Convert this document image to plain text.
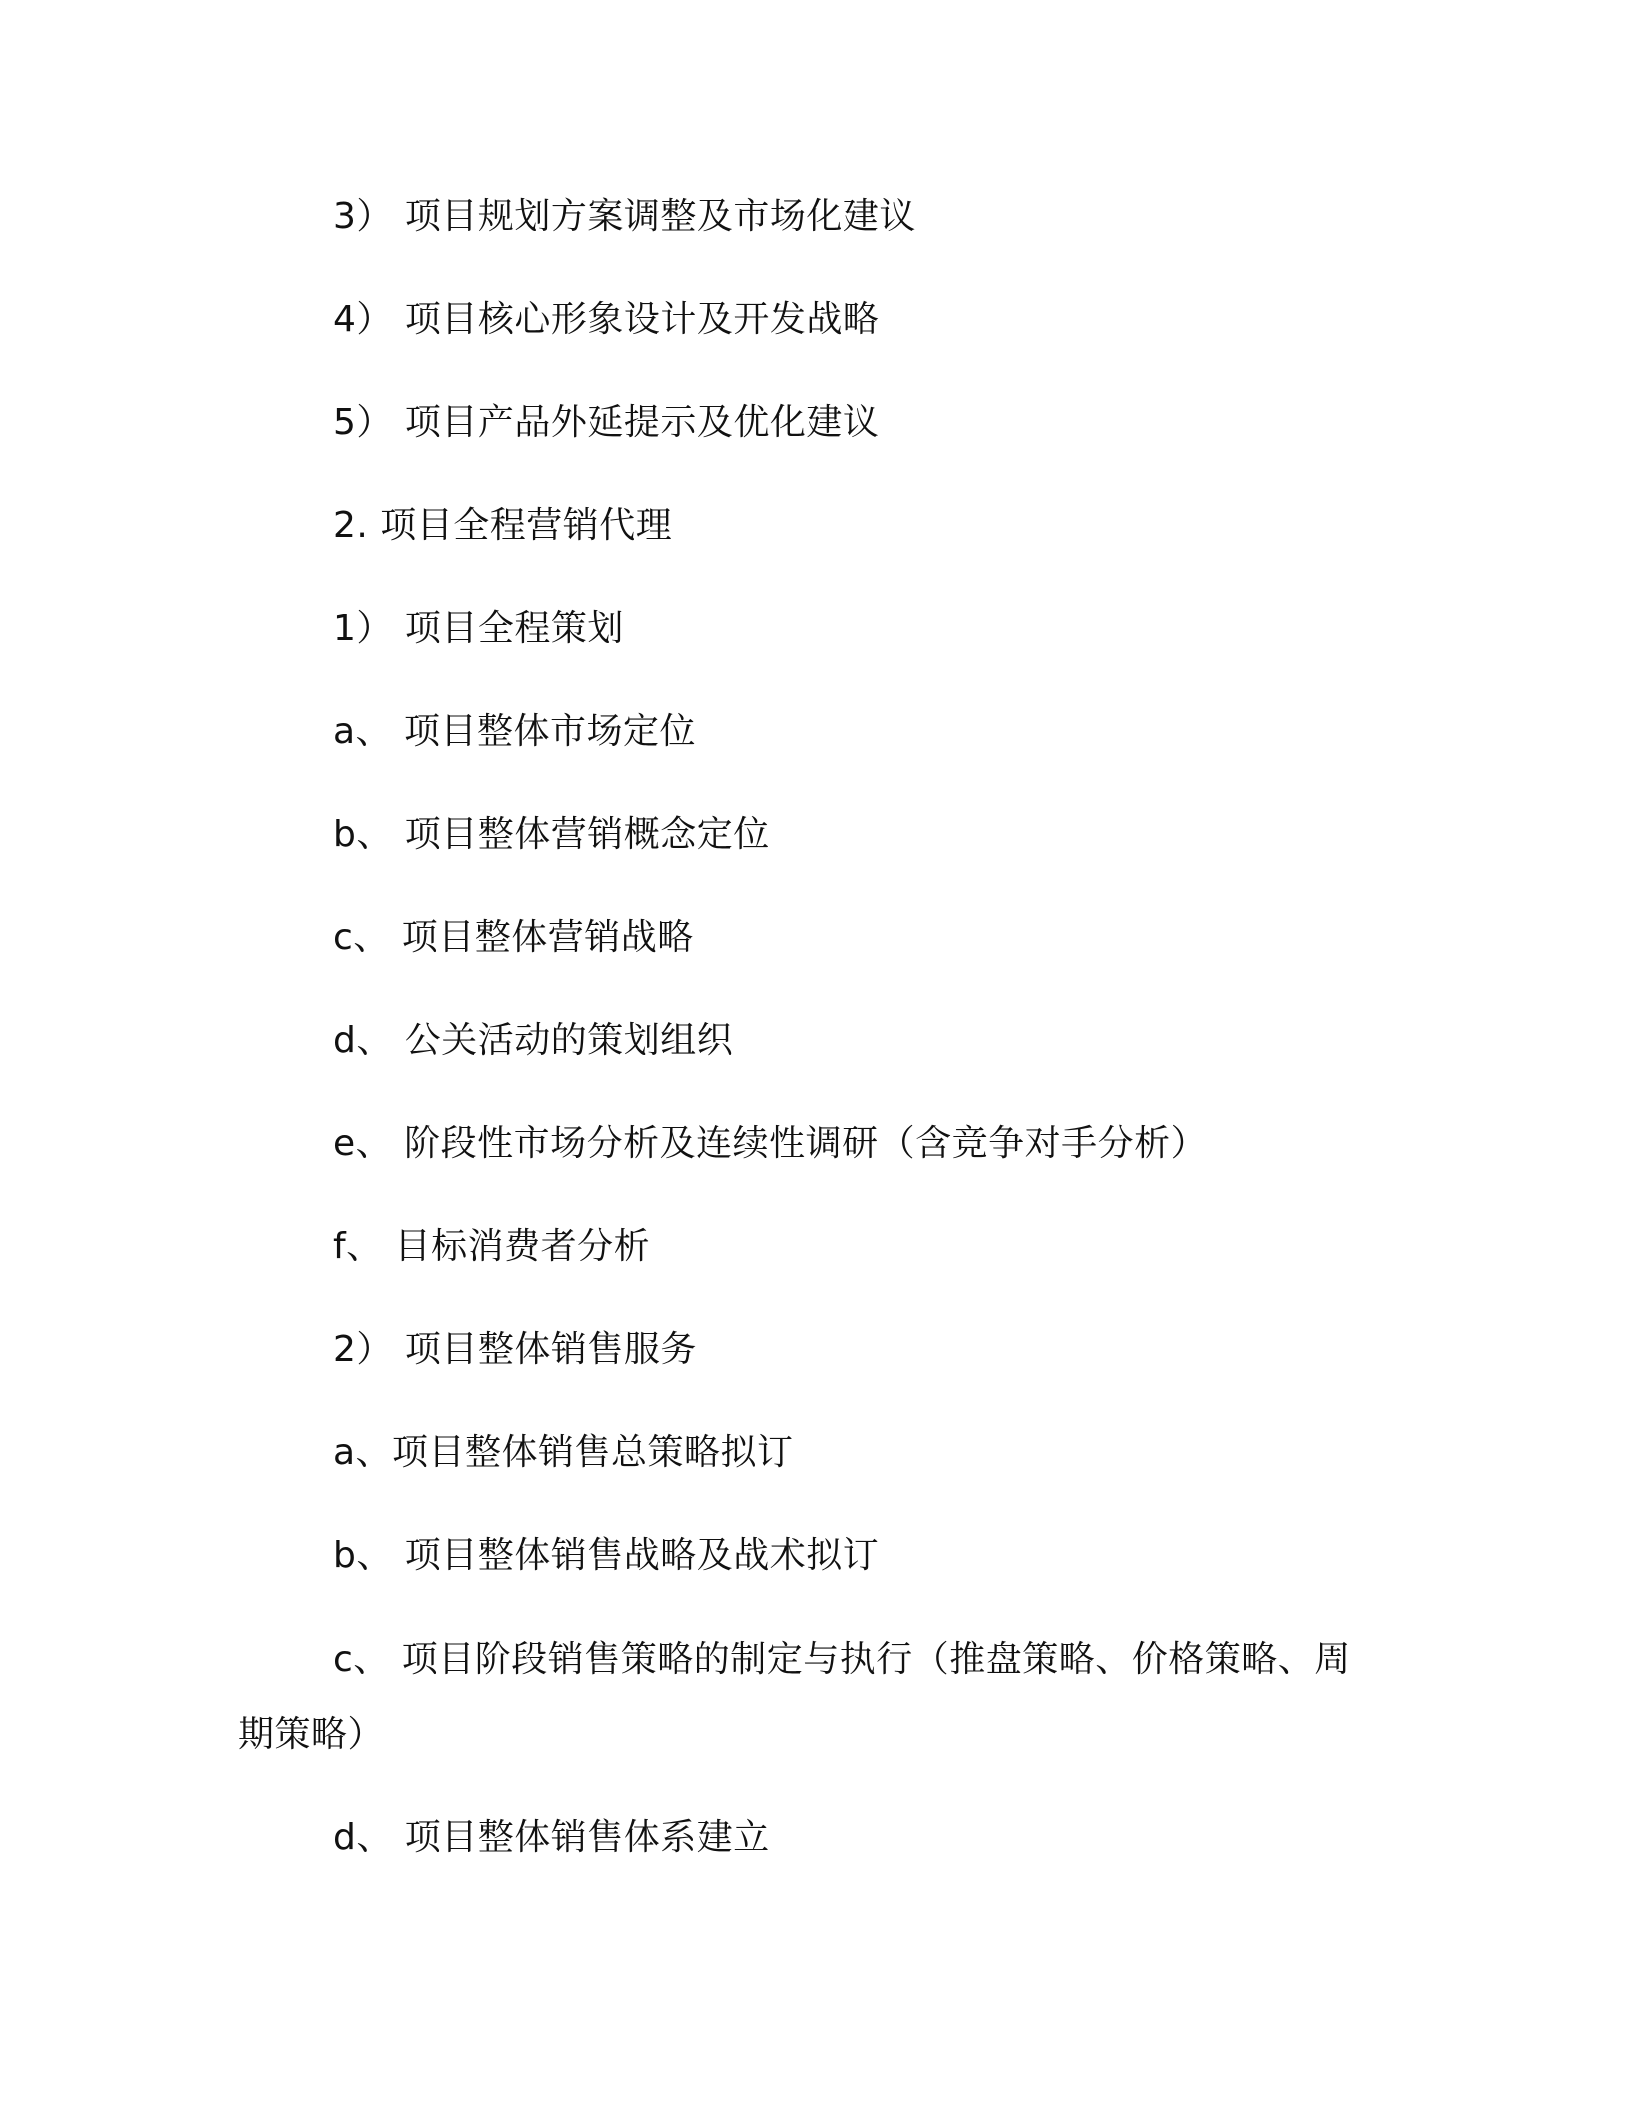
3） 项目规划方案调整及市场化建议
4） 项目核心形象设计及开发战略
5） 项目产品外延提示及优化建议
2. 项目全程营销代理
1） 项目全程策划
a、 项目整体市场定位
b、 项目整体营销概念定位
c、 项目整体营销战略
d、 公关活动的策划组织
e、 阶段性市场分析及连续性调研（含竞争对手分析）
f、 目标消费者分析
2） 项目整体销售服务
a、项目整体销售总策略拟订
b、 项目整体销售战略及战术拟订
c、 项目阶段销售策略的制定与执行（推盘策略、价格策略、周
期策略）
d、 项目整体销售体系建立
